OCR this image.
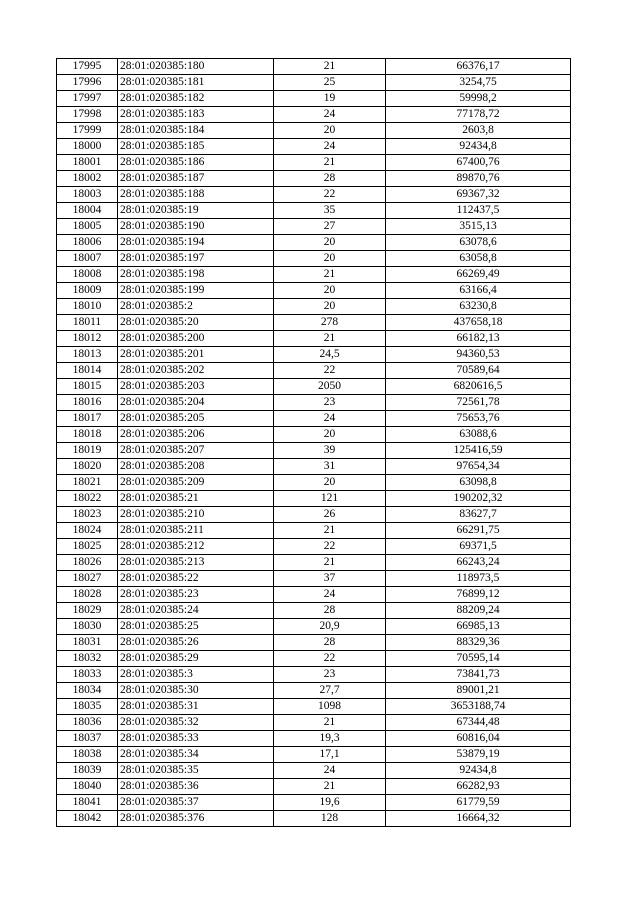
17995	28:01:020385:180	21	66376,17
17996	28:01:020385:181	25	3254,75
17997	28:01:020385:182	19	59998,2
17998	28:01:020385:183	24	77178,72
17999	28:01:020385:184	20	2603,8
18000	28:01:020385:185	24	92434,8
18001	28:01:020385:186	21	67400,76
18002	28:01:020385:187	28	89870,76
18003	28:01:020385:188	22	69367,32
18004	28:01:020385:19	35	112437,5
18005	28:01:020385:190	27	3515,13
18006	28:01:020385:194	20	63078,6
18007	28:01:020385:197	20	63058,8
18008	28:01:020385:198	21	66269,49
18009	28:01:020385:199	20	63166,4
18010	28:01:020385:2	20	63230,8
18011	28:01:020385:20	278	437658,18
18012	28:01:020385:200	21	66182,13
18013	28:01:020385:201	24,5	94360,53
18014	28:01:020385:202	22	70589,64
18015	28:01:020385:203	2050	6820616,5
18016	28:01:020385:204	23	72561,78
18017	28:01:020385:205	24	75653,76
18018	28:01:020385:206	20	63088,6
18019	28:01:020385:207	39	125416,59
18020	28:01:020385:208	31	97654,34
18021	28:01:020385:209	20	63098,8
18022	28:01:020385:21	121	190202,32
18023	28:01:020385:210	26	83627,7
18024	28:01:020385:211	21	66291,75
18025	28:01:020385:212	22	69371,5
18026	28:01:020385:213	21	66243,24
18027	28:01:020385:22	37	118973,5
18028	28:01:020385:23	24	76899,12
18029	28:01:020385:24	28	88209,24
18030	28:01:020385:25	20,9	66985,13
18031	28:01:020385:26	28	88329,36
18032	28:01:020385:29	22	70595,14
18033	28:01:020385:3	23	73841,73
18034	28:01:020385:30	27,7	89001,21
18035	28:01:020385:31	1098	3653188,74
18036	28:01:020385:32	21	67344,48
18037	28:01:020385:33	19,3	60816,04
18038	28:01:020385:34	17,1	53879,19
18039	28:01:020385:35	24	92434,8
18040	28:01:020385:36	21	66282,93
18041	28:01:020385:37	19,6	61779,59
18042	28:01:020385:376	128	16664,32
